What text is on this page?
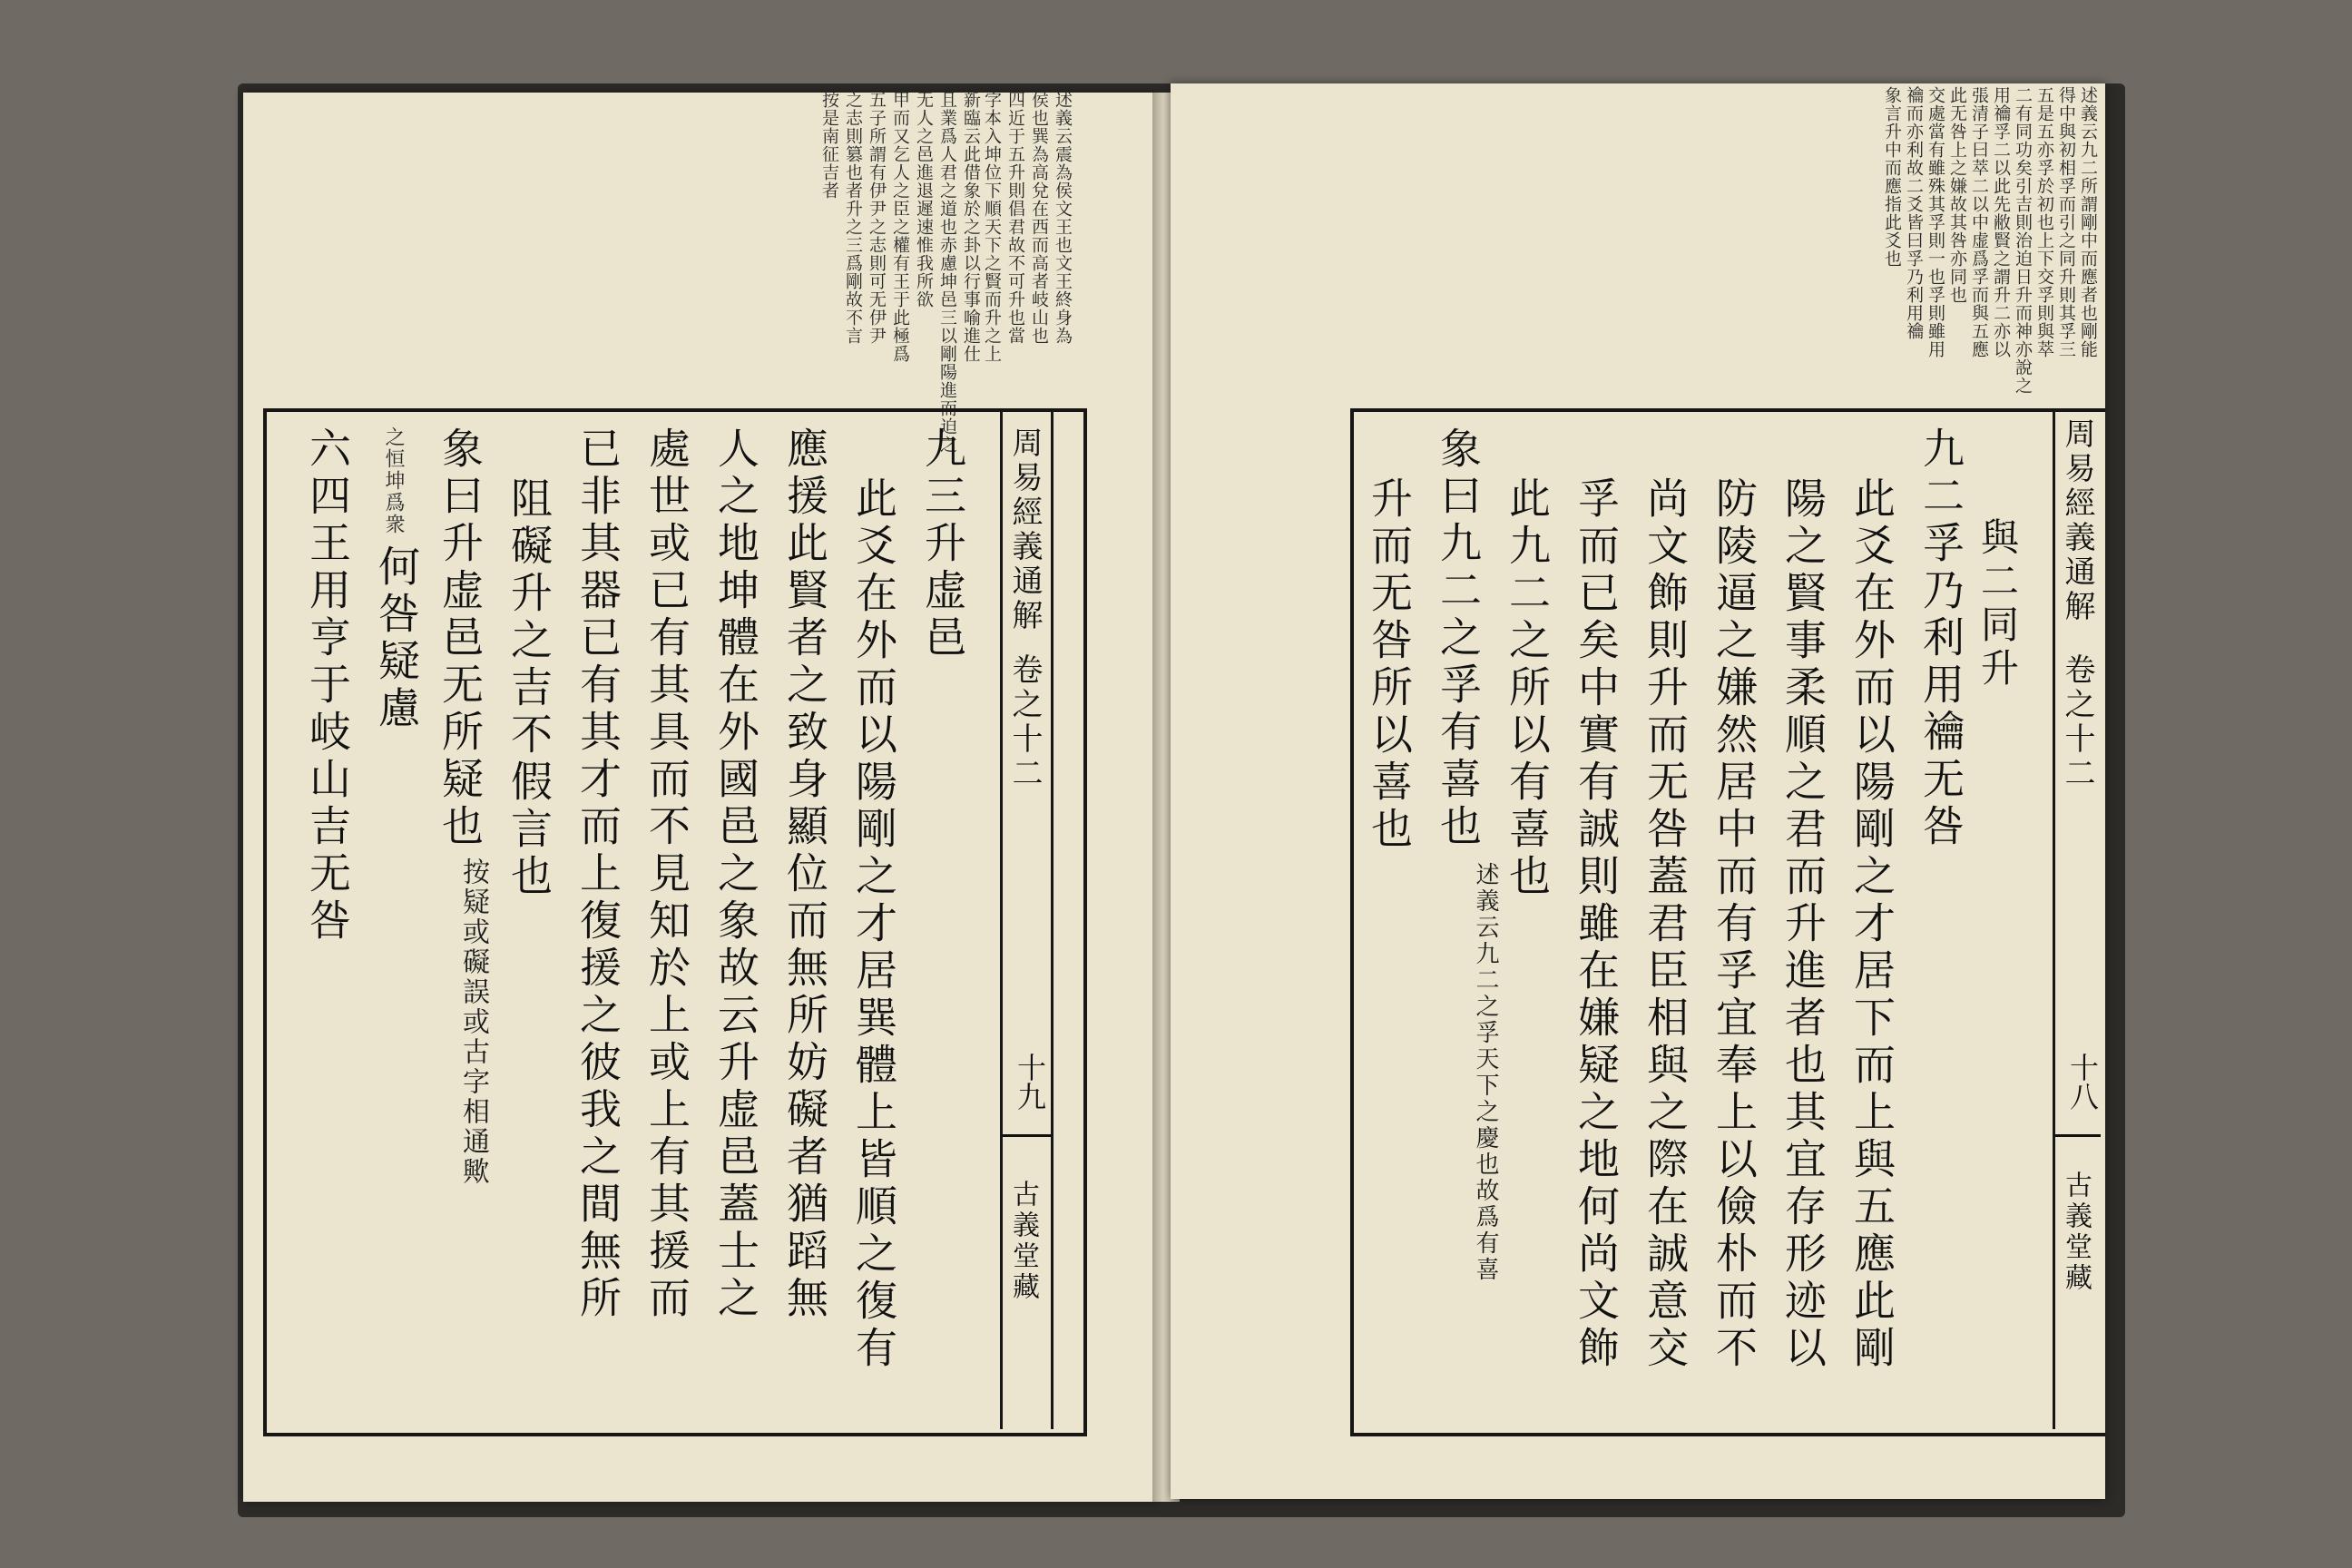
述義云震為侯文王也文王終身為
侯也巽為高兌在西而高者岐山也
四近于五升則倡君故不可升也當
字本入坤位下順天下之賢而升之上
新臨云此借象於之卦以行事喻進仕
且業爲人君之道也赤慮坤邑三以剛陽進而迫之
无人之邑進退遲速惟我所欲
甲而又乞人之臣之權有王于此極爲
五子所謂有伊尹之志則可无伊尹
之志則篡也者升之三爲剛故不言
按是南征吉者
之恒坤爲衆
何咎疑慮 象曰升虚邑无所疑也
六四王用亨于岐山吉无咎	阻礙升之吉不假言也 已非其器已有其才而上復援之彼我之間無所 處世或已有其具而不見知於上或上有其援而 人之地坤體在外國邑之象故云升虚邑蓋士之 應援此賢者之致身顯位而無所妨礙者猶蹈無 此爻在外而以陽剛之才居巽體上皆順之復有 九三升虚邑
按疑或礙誤或古字相通歟
周易經義通解
卷之十二
十九
古義堂藏
述義云九二所謂剛中而應者也剛能
得中與初相孚而引之同升則其孚三
五是五亦孚於初也上下交孚則與萃
二有同功矣引吉則治迫日升而神亦說之
用禴孚二以此先敝賢之謂升二亦以
張清子曰萃二以中虚爲孚而與五應
此无咎上之嫌故其咎亦同也
交處當有雖殊其孚則一也孚則雖用
禴而亦利故二爻皆曰孚乃利用禴
象言升中而應指此爻也
與二同升
九二孚乃利用禴无咎
此爻在外而以陽剛之才居下而上與五應此剛
陽之賢事柔順之君而升進者也其宜存形迹以
防陵逼之嫌然居中而有孚宜奉上以儉朴而不
尚文飾則升而无咎蓋君臣相與之際在誠意交
孚而已矣中實有誠則雖在嫌疑之地何尚文飾
此九二之所以有喜也
象曰九二之孚有喜也
升而无咎所以喜也
述義云九二之孚天下之慶也故爲有喜
周易經義通解
卷之十二
十八
古義堂藏
